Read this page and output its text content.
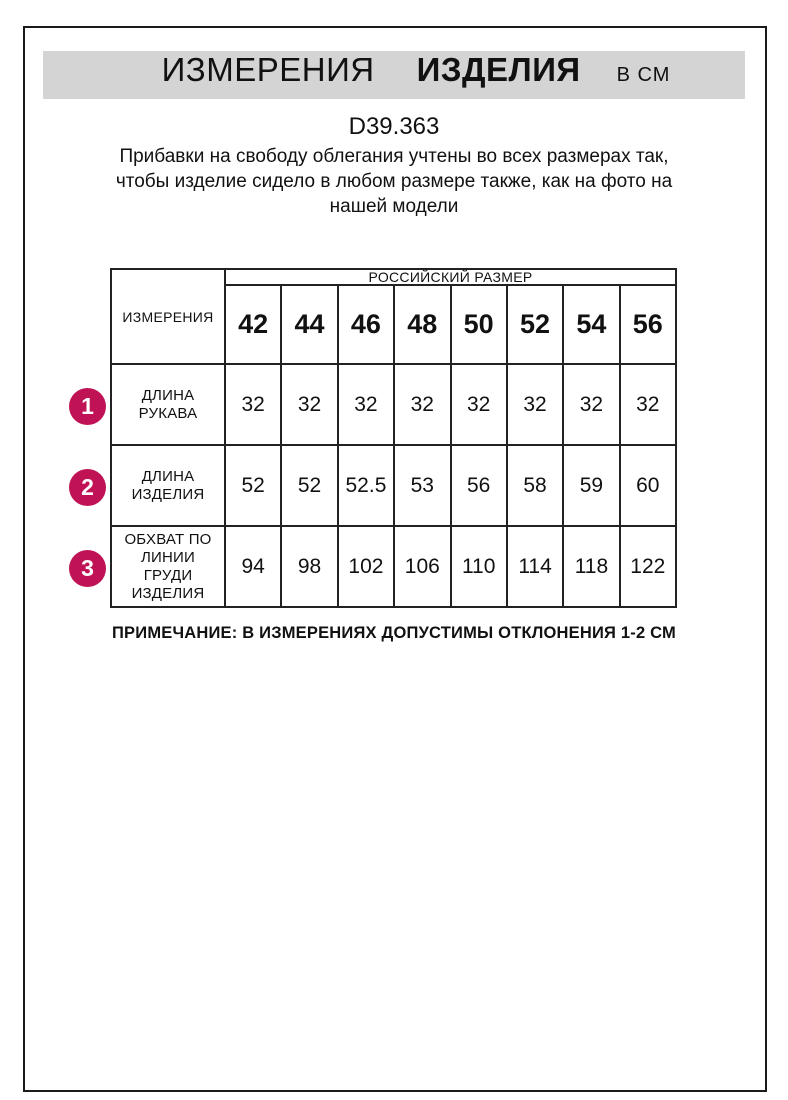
ИЗМЕРЕНИЯ ИЗДЕЛИЯ В СМ
D39.363
Прибавки на свободу облегания учтены во всех размерах так, чтобы изделие сидело в любом размере также, как на фото на нашей модели
ИЗМЕРЕНИЯ	РОССИЙСКИЙ РАЗМЕР							
	42	44	46	48	50	52	54	56
ДЛИНА РУКАВА	32	32	32	32	32	32	32	32
ДЛИНА ИЗДЕЛИЯ	52	52	52.5	53	56	58	59	60
ОБХВАТ ПО ЛИНИИ ГРУДИ ИЗДЕЛИЯ	94	98	102	106	110	114	118	122
1
2
3
ПРИМЕЧАНИЕ: В ИЗМЕРЕНИЯХ ДОПУСТИМЫ ОТКЛОНЕНИЯ 1-2 СМ
